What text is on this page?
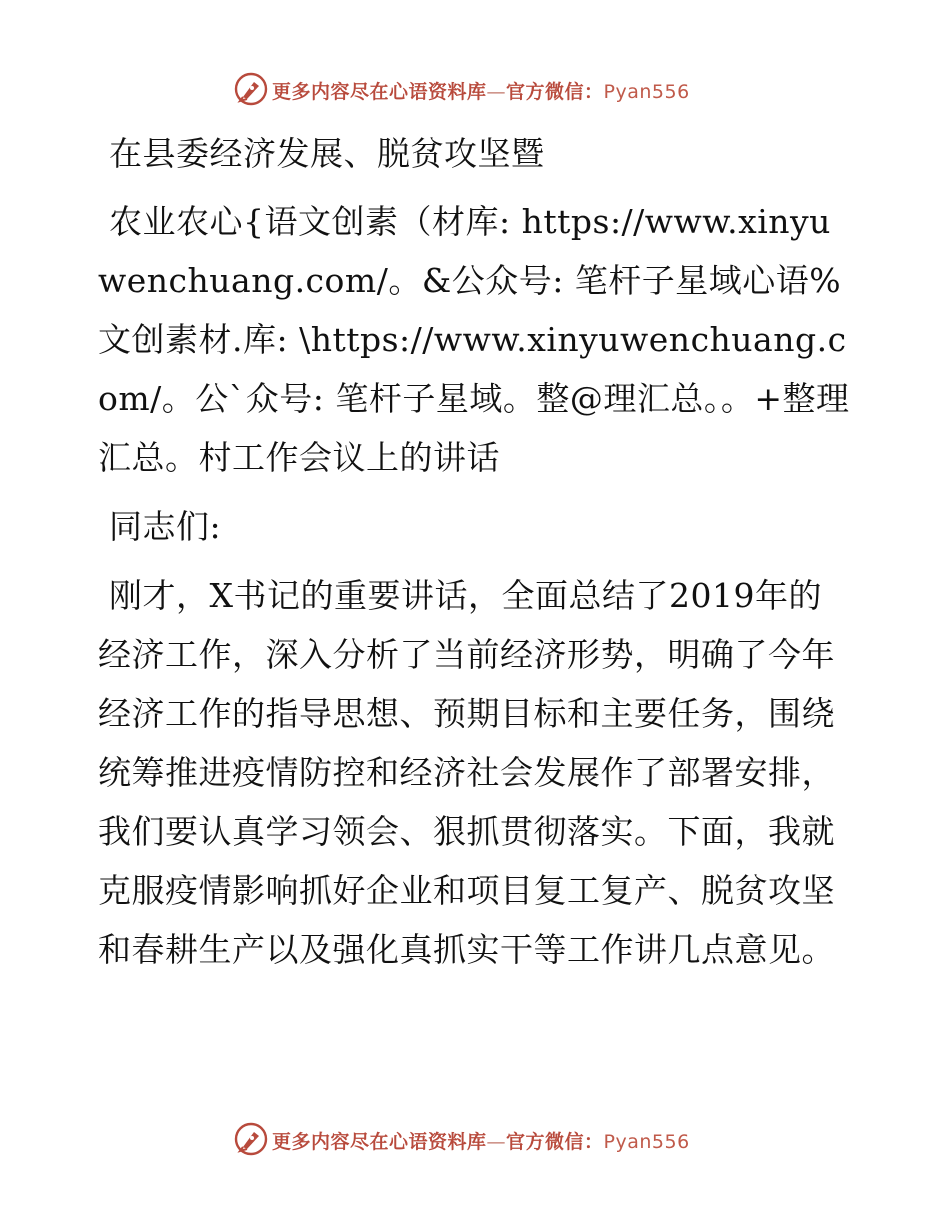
更多内容尽在心语资料库—官方微信：Pyan556

在县委经济发展、脱贫攻坚暨

农业农心{语文创素（材库: https://www.xinyuwenchuang.com/。&公众号: 笔杆子星域心语%文创素材.库: \https://www.xinyuwenchuang.com/。公`众号: 笔杆子星域。整@理汇总。。+整理汇总。村工作会议上的讲话

同志们:

刚才，X书记的重要讲话，全面总结了2019年的经济工作，深入分析了当前经济形势，明确了今年经济工作的指导思想、预期目标和主要任务，围绕统筹推进疫情防控和经济社会发展作了部署安排，我们要认真学习领会、狠抓贯彻落实。下面，我就克服疫情影响抓好企业和项目复工复产、脱贫攻坚和春耕生产以及强化真抓实干等工作讲几点意见。

更多内容尽在心语资料库—官方微信：Pyan556
